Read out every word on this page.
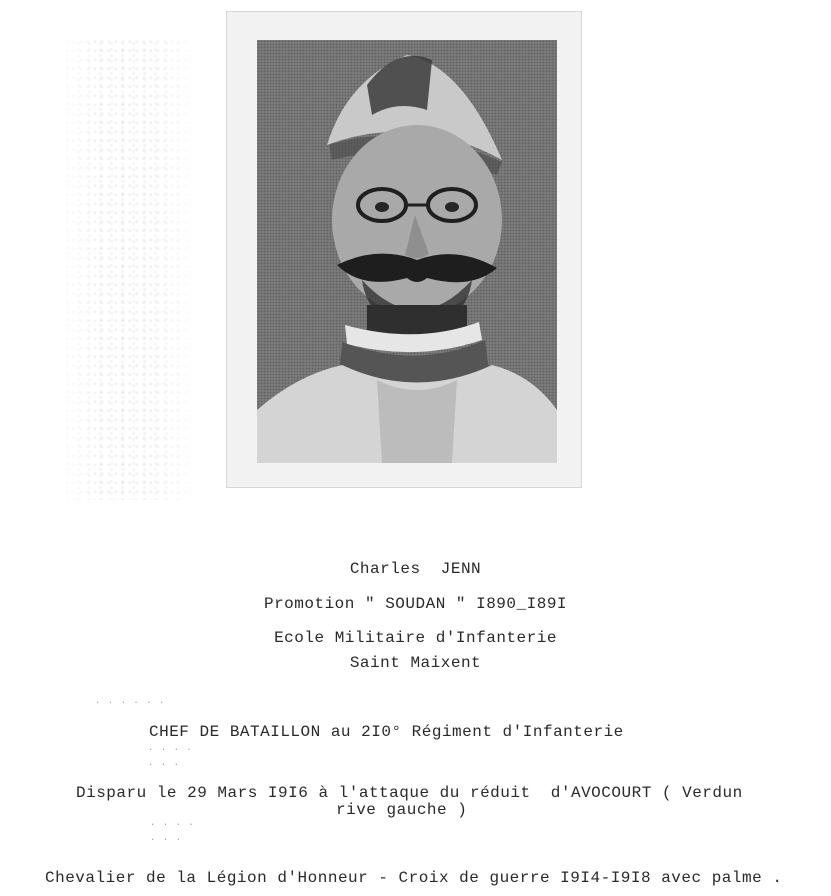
Charles  JENN
Promotion " SOUDAN " I890_I89I
Ecole Militaire d'Infanterie
Saint Maixent
· · · · · ·
· · · ·
· · ·
CHEF DE BATAILLON au 2I0° Régiment d'Infanterie
Disparu le 29 Mars I9I6 à l'attaque du réduit  d'AVOCOURT ( Verdun
rive gauche )
· · · ·
· · ·
Chevalier de la Légion d'Honneur - Croix de guerre I9I4-I9I8 avec palme .
